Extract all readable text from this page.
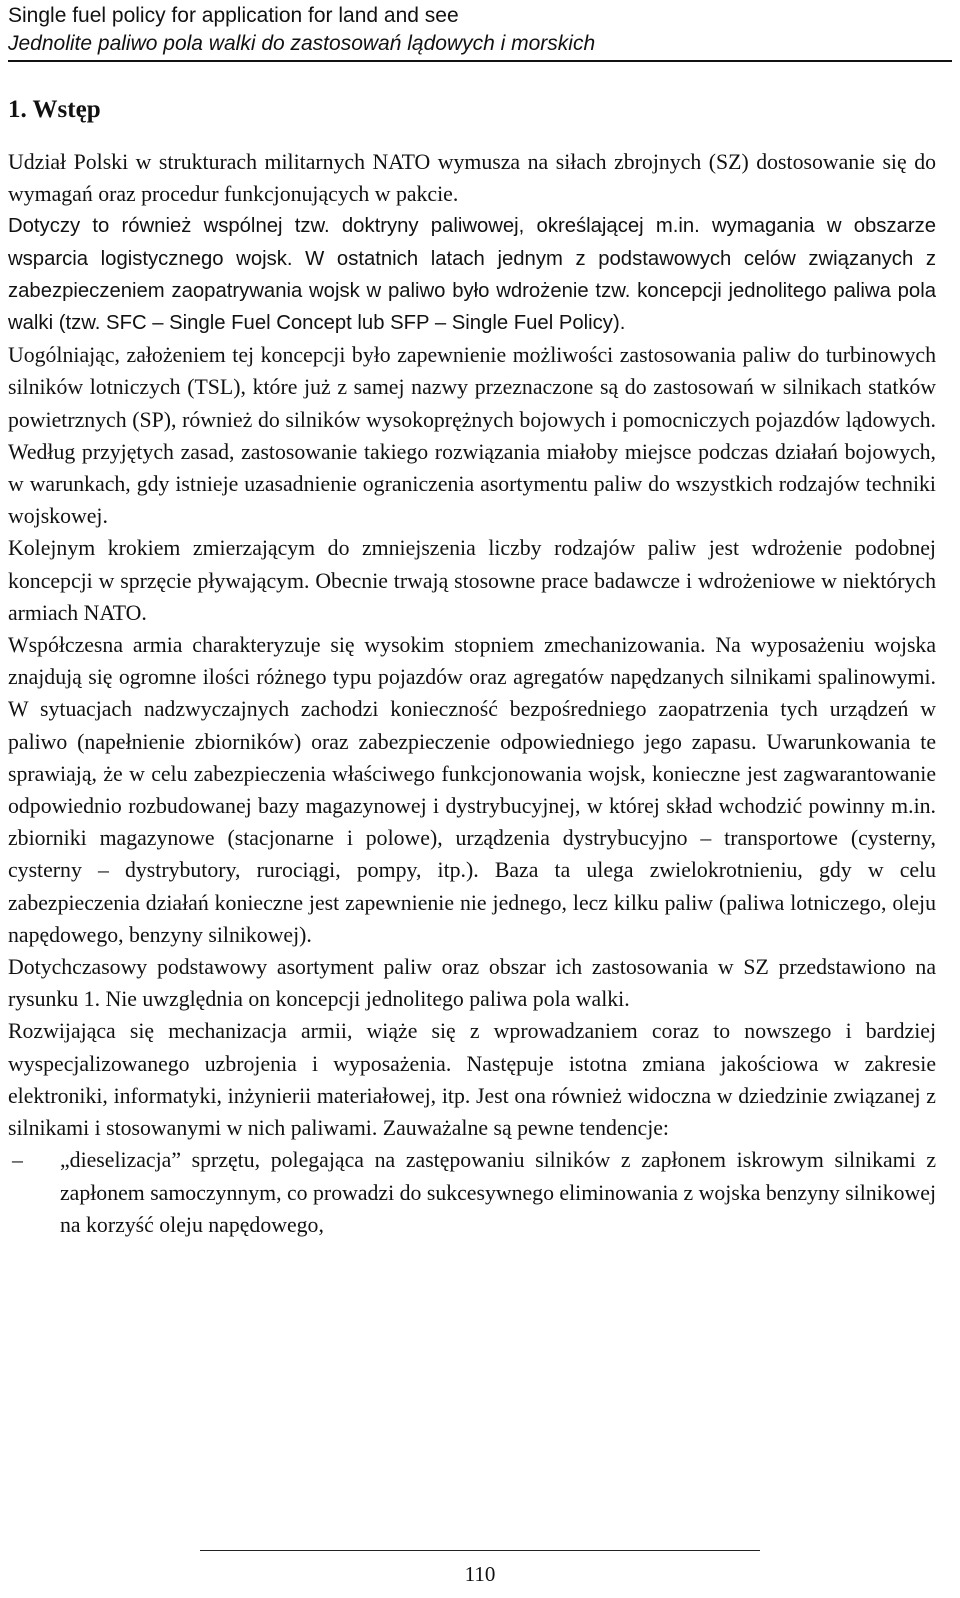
Single fuel policy for application for land and see
Jednolite paliwo pola walki do zastosowań lądowych i morskich
1. Wstęp

Udział Polski w strukturach militarnych NATO wymusza na siłach zbrojnych (SZ) dostosowanie się do wymagań oraz procedur funkcjonujących w pakcie.

Dotyczy to również wspólnej tzw. doktryny paliwowej, określającej m.in. wymagania w obszarze wsparcia logistycznego wojsk. W ostatnich latach jednym z podstawowych celów związanych z zabezpieczeniem zaopatrywania wojsk w paliwo było wdrożenie tzw. koncepcji jednolitego paliwa pola walki (tzw. SFC – Single Fuel Concept lub SFP – Single Fuel Policy).

Uogólniając, założeniem tej koncepcji było zapewnienie możliwości zastosowania paliw do turbinowych silników lotniczych (TSL), które już z samej nazwy przeznaczone są do zastosowań w silnikach statków powietrznych (SP), również do silników wysokoprężnych bojowych i pomocniczych pojazdów lądowych. Według przyjętych zasad, zastosowanie takiego rozwiązania miałoby miejsce podczas działań bojowych, w warunkach, gdy istnieje uzasadnienie ograniczenia asortymentu paliw do wszystkich rodzajów techniki wojskowej.

Kolejnym krokiem zmierzającym do zmniejszenia liczby rodzajów paliw jest wdrożenie podobnej koncepcji w sprzęcie pływającym. Obecnie trwają stosowne prace badawcze i wdrożeniowe w niektórych armiach NATO.

Współczesna armia charakteryzuje się wysokim stopniem zmechanizowania. Na wyposażeniu wojska znajdują się ogromne ilości różnego typu pojazdów oraz agregatów napędzanych silnikami spalinowymi. W sytuacjach nadzwyczajnych zachodzi konieczność bezpośredniego zaopatrzenia tych urządzeń w paliwo (napełnienie zbiorników) oraz zabezpieczenie odpowiedniego jego zapasu. Uwarunkowania te sprawiają, że w celu zabezpieczenia właściwego funkcjonowania wojsk, konieczne jest zagwarantowanie odpowiednio rozbudowanej bazy magazynowej i dystrybucyjnej, w której skład wchodzić powinny m.in. zbiorniki magazynowe (stacjonarne i polowe), urządzenia dystrybucyjno – transportowe (cysterny, cysterny – dystrybutory, rurociągi, pompy, itp.). Baza ta ulega zwielokrotnieniu, gdy w celu zabezpieczenia działań konieczne jest zapewnienie nie jednego, lecz kilku paliw (paliwa lotniczego, oleju napędowego, benzyny silnikowej).

Dotychczasowy podstawowy asortyment paliw oraz obszar ich zastosowania w SZ przedstawiono na rysunku 1. Nie uwzględnia on koncepcji jednolitego paliwa pola walki.

Rozwijająca się mechanizacja armii, wiąże się z wprowadzaniem coraz to nowszego i bardziej wyspecjalizowanego uzbrojenia i wyposażenia. Następuje istotna zmiana jakościowa w zakresie elektroniki, informatyki, inżynierii materiałowej, itp. Jest ona również widoczna w dziedzinie związanej z silnikami i stosowanymi w nich paliwami. Zauważalne są pewne tendencje:

– „dieselizacja” sprzętu, polegająca na zastępowaniu silników z zapłonem iskrowym silnikami z zapłonem samoczynnym, co prowadzi do sukcesywnego eliminowania z wojska benzyny silnikowej na korzyść oleju napędowego,
110
